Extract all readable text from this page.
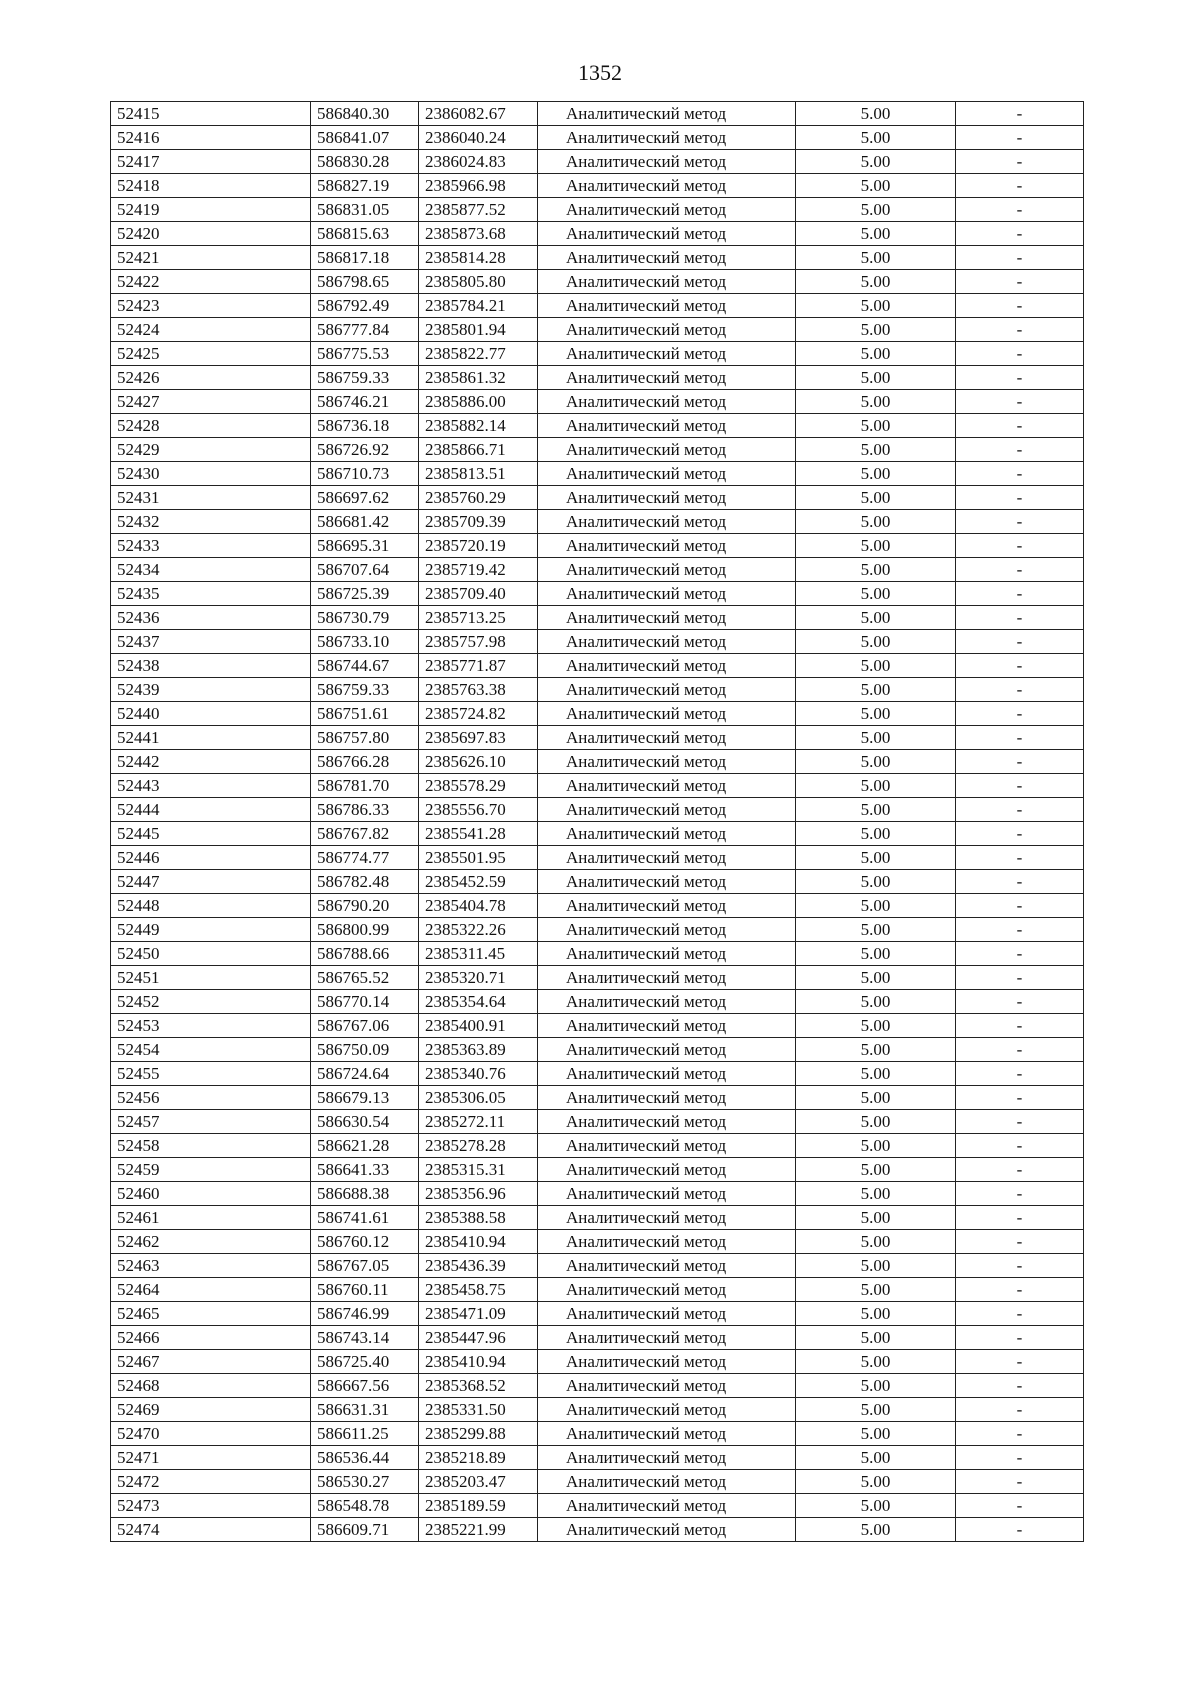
1352
52415	586840.30	2386082.67	Аналитический метод	5.00	-
52416	586841.07	2386040.24	Аналитический метод	5.00	-
52417	586830.28	2386024.83	Аналитический метод	5.00	-
52418	586827.19	2385966.98	Аналитический метод	5.00	-
52419	586831.05	2385877.52	Аналитический метод	5.00	-
52420	586815.63	2385873.68	Аналитический метод	5.00	-
52421	586817.18	2385814.28	Аналитический метод	5.00	-
52422	586798.65	2385805.80	Аналитический метод	5.00	-
52423	586792.49	2385784.21	Аналитический метод	5.00	-
52424	586777.84	2385801.94	Аналитический метод	5.00	-
52425	586775.53	2385822.77	Аналитический метод	5.00	-
52426	586759.33	2385861.32	Аналитический метод	5.00	-
52427	586746.21	2385886.00	Аналитический метод	5.00	-
52428	586736.18	2385882.14	Аналитический метод	5.00	-
52429	586726.92	2385866.71	Аналитический метод	5.00	-
52430	586710.73	2385813.51	Аналитический метод	5.00	-
52431	586697.62	2385760.29	Аналитический метод	5.00	-
52432	586681.42	2385709.39	Аналитический метод	5.00	-
52433	586695.31	2385720.19	Аналитический метод	5.00	-
52434	586707.64	2385719.42	Аналитический метод	5.00	-
52435	586725.39	2385709.40	Аналитический метод	5.00	-
52436	586730.79	2385713.25	Аналитический метод	5.00	-
52437	586733.10	2385757.98	Аналитический метод	5.00	-
52438	586744.67	2385771.87	Аналитический метод	5.00	-
52439	586759.33	2385763.38	Аналитический метод	5.00	-
52440	586751.61	2385724.82	Аналитический метод	5.00	-
52441	586757.80	2385697.83	Аналитический метод	5.00	-
52442	586766.28	2385626.10	Аналитический метод	5.00	-
52443	586781.70	2385578.29	Аналитический метод	5.00	-
52444	586786.33	2385556.70	Аналитический метод	5.00	-
52445	586767.82	2385541.28	Аналитический метод	5.00	-
52446	586774.77	2385501.95	Аналитический метод	5.00	-
52447	586782.48	2385452.59	Аналитический метод	5.00	-
52448	586790.20	2385404.78	Аналитический метод	5.00	-
52449	586800.99	2385322.26	Аналитический метод	5.00	-
52450	586788.66	2385311.45	Аналитический метод	5.00	-
52451	586765.52	2385320.71	Аналитический метод	5.00	-
52452	586770.14	2385354.64	Аналитический метод	5.00	-
52453	586767.06	2385400.91	Аналитический метод	5.00	-
52454	586750.09	2385363.89	Аналитический метод	5.00	-
52455	586724.64	2385340.76	Аналитический метод	5.00	-
52456	586679.13	2385306.05	Аналитический метод	5.00	-
52457	586630.54	2385272.11	Аналитический метод	5.00	-
52458	586621.28	2385278.28	Аналитический метод	5.00	-
52459	586641.33	2385315.31	Аналитический метод	5.00	-
52460	586688.38	2385356.96	Аналитический метод	5.00	-
52461	586741.61	2385388.58	Аналитический метод	5.00	-
52462	586760.12	2385410.94	Аналитический метод	5.00	-
52463	586767.05	2385436.39	Аналитический метод	5.00	-
52464	586760.11	2385458.75	Аналитический метод	5.00	-
52465	586746.99	2385471.09	Аналитический метод	5.00	-
52466	586743.14	2385447.96	Аналитический метод	5.00	-
52467	586725.40	2385410.94	Аналитический метод	5.00	-
52468	586667.56	2385368.52	Аналитический метод	5.00	-
52469	586631.31	2385331.50	Аналитический метод	5.00	-
52470	586611.25	2385299.88	Аналитический метод	5.00	-
52471	586536.44	2385218.89	Аналитический метод	5.00	-
52472	586530.27	2385203.47	Аналитический метод	5.00	-
52473	586548.78	2385189.59	Аналитический метод	5.00	-
52474	586609.71	2385221.99	Аналитический метод	5.00	-
